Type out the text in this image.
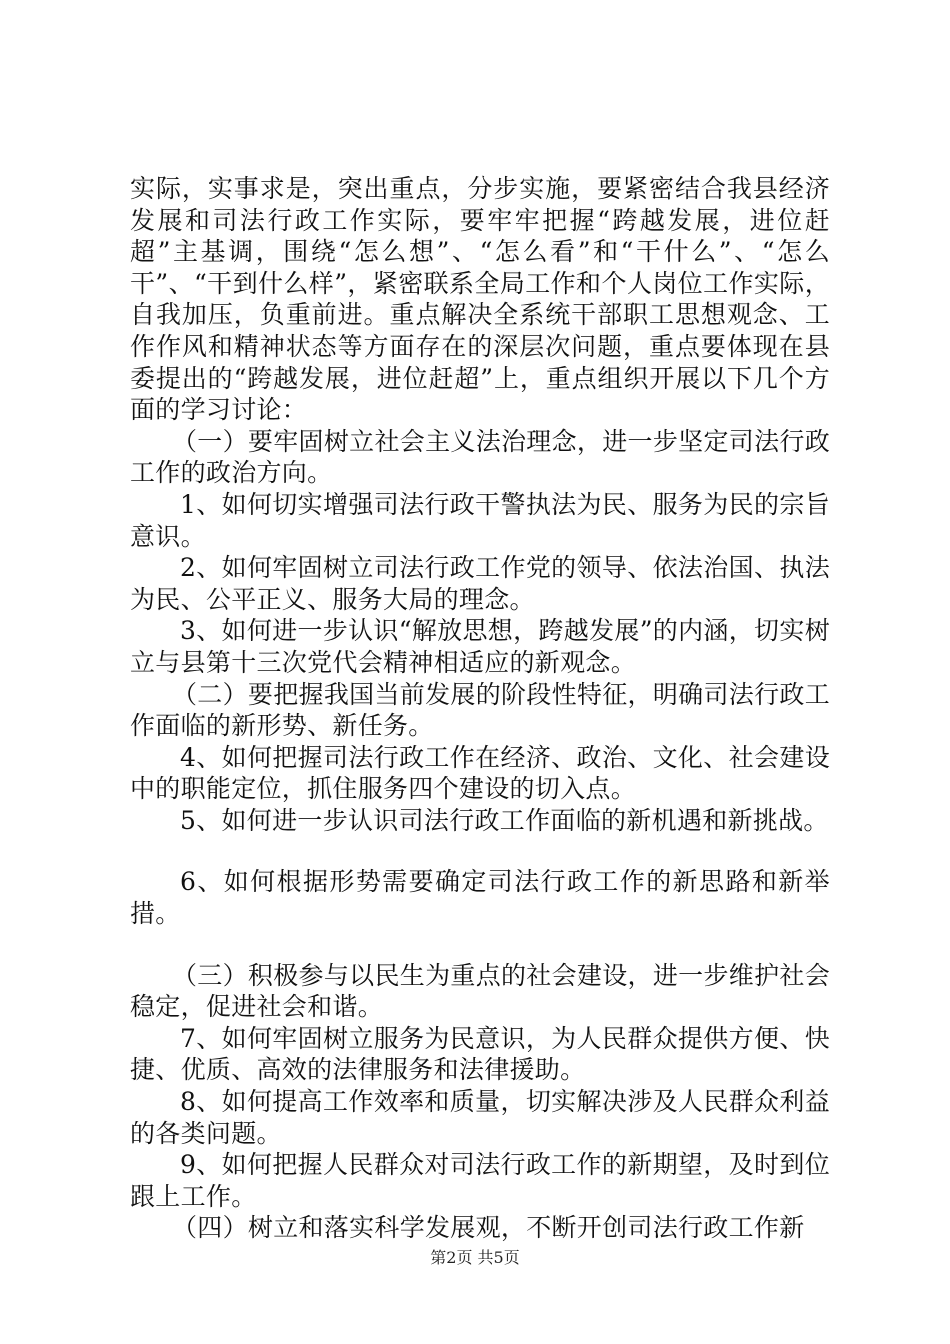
实际，实事求是，突出重点，分步实施，要紧密结合我县经济发展和司法行政工作实际，要牢牢把握“跨越发展，进位赶超”主基调，围绕“怎么想”、“怎么看”和“干什么”、“怎么干”、“干到什么样”，紧密联系全局工作和个人岗位工作实际，自我加压，负重前进。重点解决全系统干部职工思想观念、工作作风和精神状态等方面存在的深层次问题，重点要体现在县委提出的“跨越发展，进位赶超”上，重点组织开展以下几个方面的学习讨论：

（一）要牢固树立社会主义法治理念，进一步坚定司法行政工作的政治方向。

1、如何切实增强司法行政干警执法为民、服务为民的宗旨意识。

2、如何牢固树立司法行政工作党的领导、依法治国、执法为民、公平正义、服务大局的理念。

3、如何进一步认识“解放思想，跨越发展”的内涵，切实树立与县第十三次党代会精神相适应的新观念。

（二）要把握我国当前发展的阶段性特征，明确司法行政工作面临的新形势、新任务。

4、如何把握司法行政工作在经济、政治、文化、社会建设中的职能定位，抓住服务四个建设的切入点。

5、如何进一步认识司法行政工作面临的新机遇和新挑战。

6、如何根据形势需要确定司法行政工作的新思路和新举措。

（三）积极参与以民生为重点的社会建设，进一步维护社会稳定，促进社会和谐。

7、如何牢固树立服务为民意识，为人民群众提供方便、快捷、优质、高效的法律服务和法律援助。

8、如何提高工作效率和质量，切实解决涉及人民群众利益的各类问题。

9、如何把握人民群众对司法行政工作的新期望，及时到位跟上工作。

（四）树立和落实科学发展观，不断开创司法行政工作新

第2页 共5页
